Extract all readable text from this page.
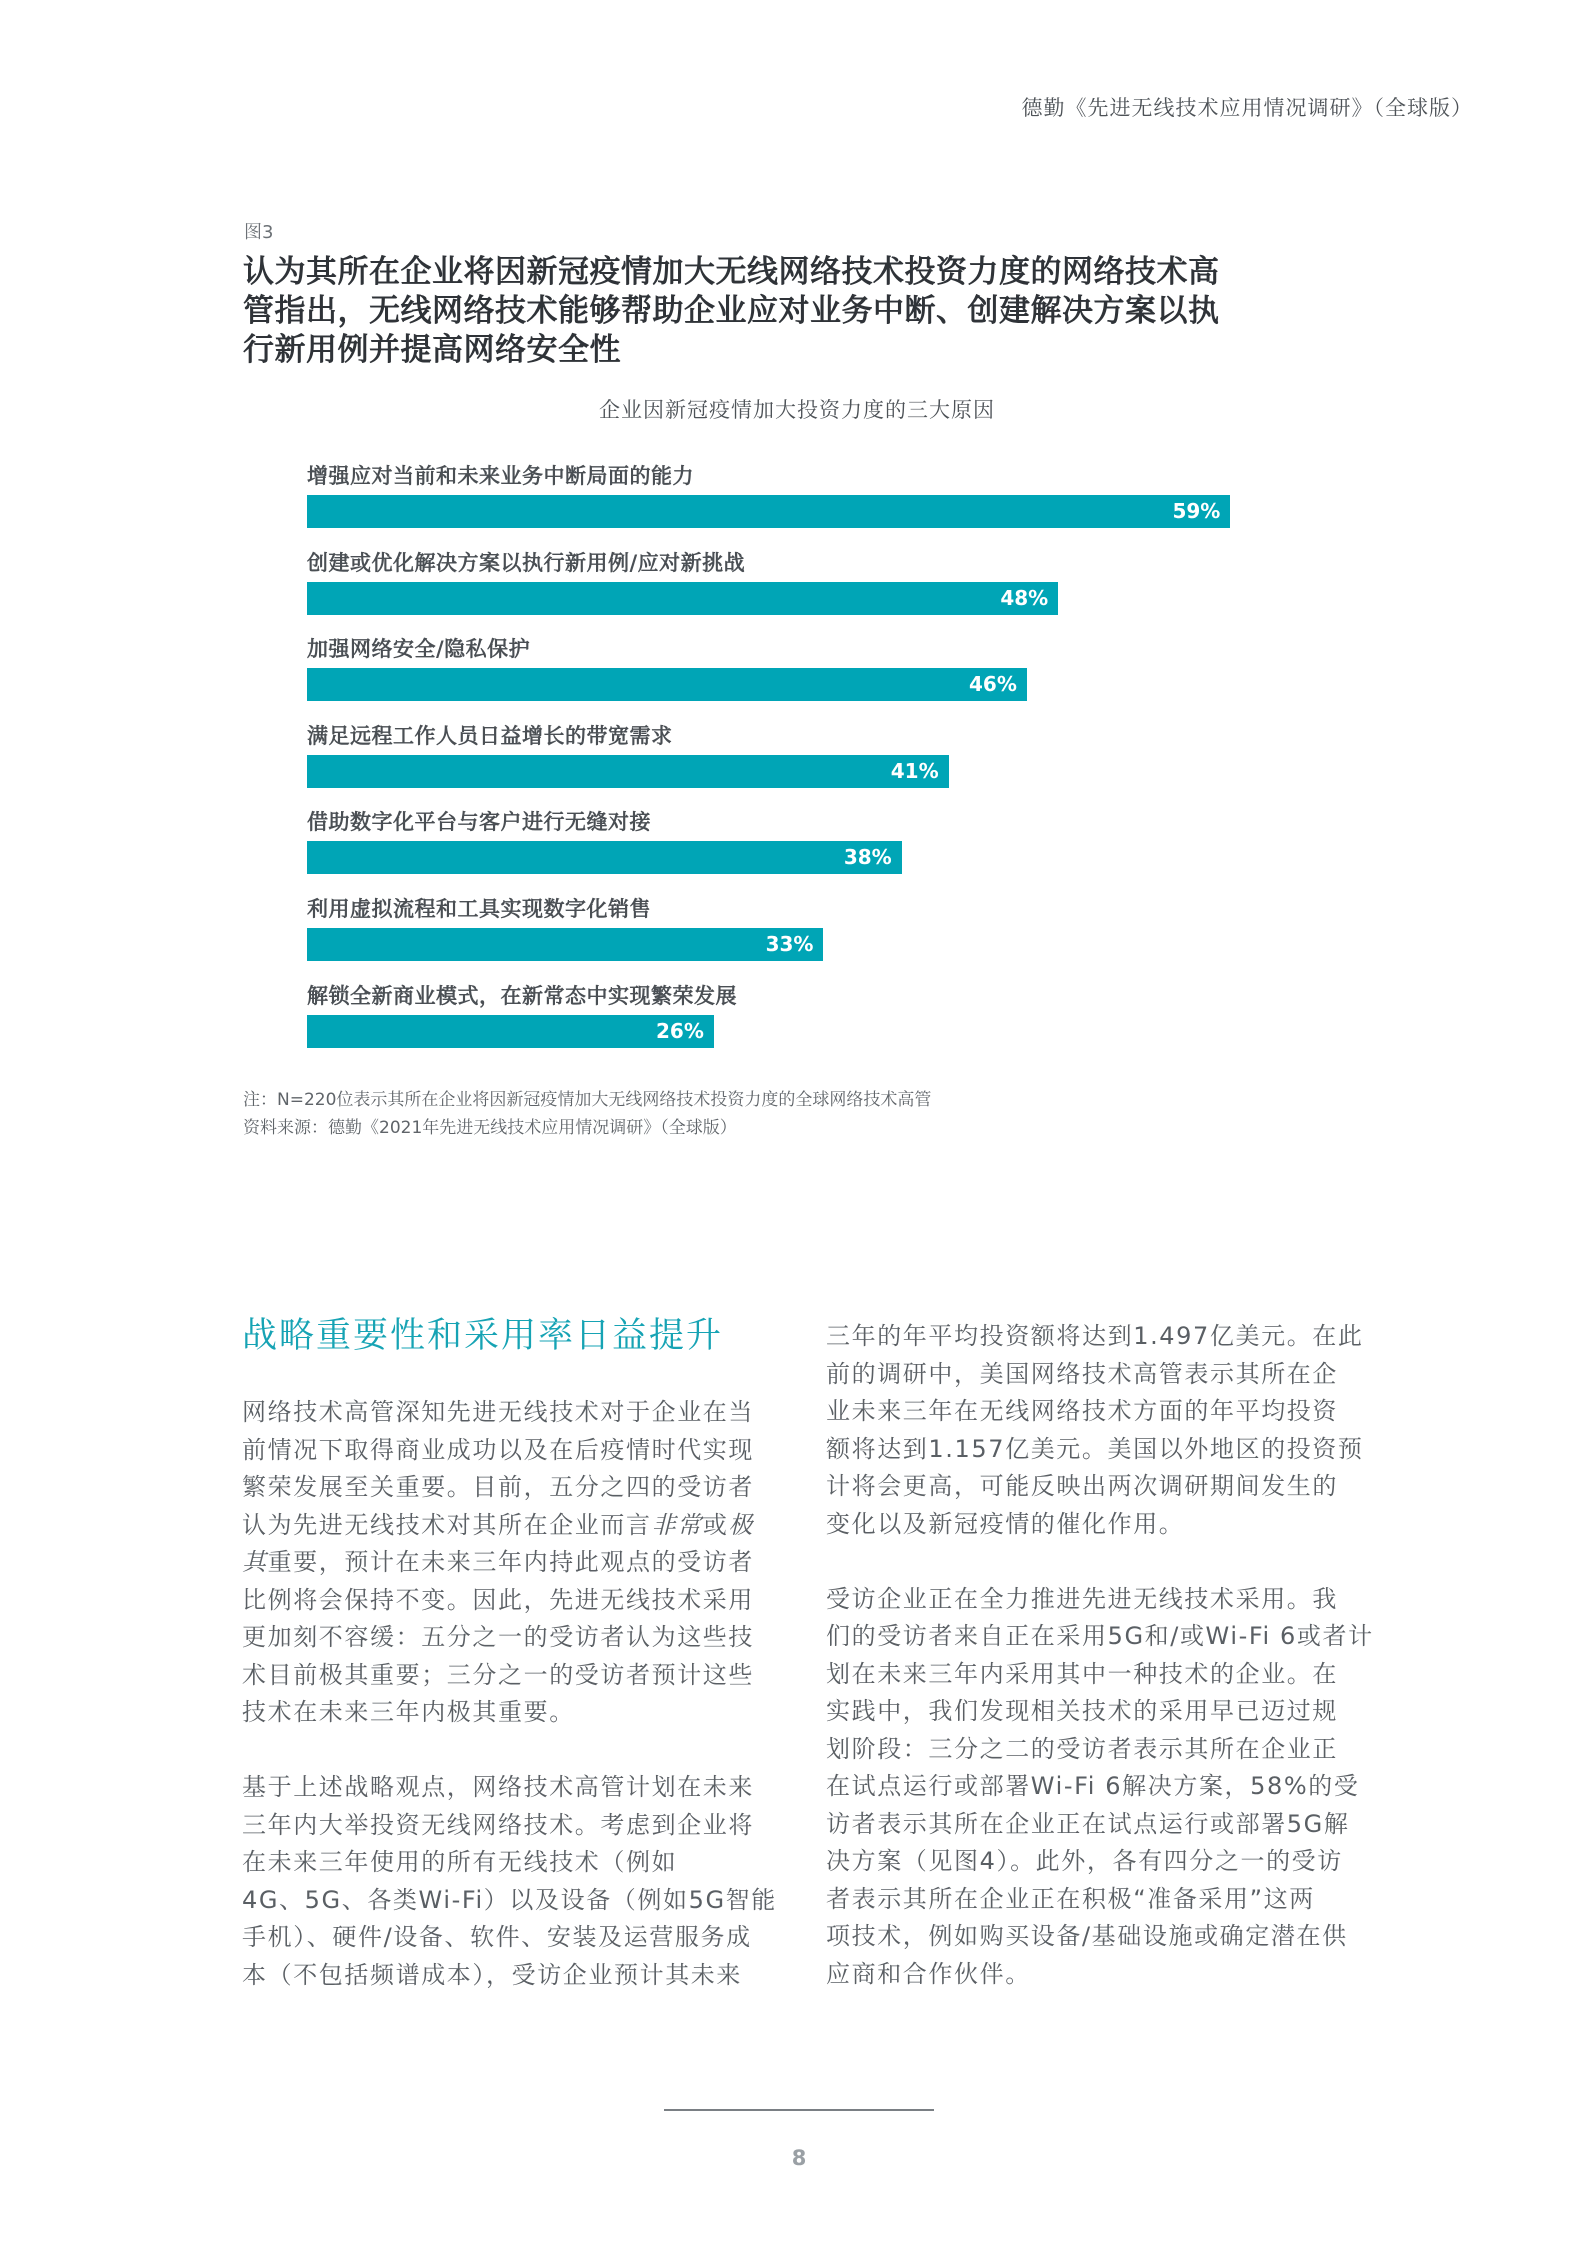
德勤《先进无线技术应用情况调研》（全球版）
图3
认为其所在企业将因新冠疫情加大无线网络技术投资力度的网络技术高
管指出，无线网络技术能够帮助企业应对业务中断、创建解决方案以执
行新用例并提高网络安全性
企业因新冠疫情加大投资力度的三大原因
增强应对当前和未来业务中断局面的能力
59%
创建或优化解决方案以执行新用例/应对新挑战
48%
加强网络安全/隐私保护
46%
满足远程工作人员日益增长的带宽需求
41%
借助数字化平台与客户进行无缝对接
38%
利用虚拟流程和工具实现数字化销售
33%
解锁全新商业模式，在新常态中实现繁荣发展
26%
注：N=220位表示其所在企业将因新冠疫情加大无线网络技术投资力度的全球网络技术高管
资料来源：德勤《2021年先进无线技术应用情况调研》（全球版）
战略重要性和采用率日益提升
网络技术高管深知先进无线技术对于企业在当
前情况下取得商业成功以及在后疫情时代实现
繁荣发展至关重要。目前，五分之四的受访者
认为先进无线技术对其所在企业而言非常或极
其重要，预计在未来三年内持此观点的受访者
比例将会保持不变。因此，先进无线技术采用
更加刻不容缓：五分之一的受访者认为这些技
术目前极其重要；三分之一的受访者预计这些
技术在未来三年内极其重要。
基于上述战略观点，网络技术高管计划在未来
三年内大举投资无线网络技术。考虑到企业将
在未来三年使用的所有无线技术（例如
4G、5G、各类Wi-Fi）以及设备（例如5G智能
手机）、硬件/设备、软件、安装及运营服务成
本（不包括频谱成本），受访企业预计其未来
三年的年平均投资额将达到1.497亿美元。在此
前的调研中，美国网络技术高管表示其所在企
业未来三年在无线网络技术方面的年平均投资
额将达到1.157亿美元。美国以外地区的投资预
计将会更高，可能反映出两次调研期间发生的
变化以及新冠疫情的催化作用。
受访企业正在全力推进先进无线技术采用。我
们的受访者来自正在采用5G和/或Wi-Fi 6或者计
划在未来三年内采用其中一种技术的企业。在
实践中，我们发现相关技术的采用早已迈过规
划阶段：三分之二的受访者表示其所在企业正
在试点运行或部署Wi-Fi 6解决方案，58%的受
访者表示其所在企业正在试点运行或部署5G解
决方案（见图4）。此外，各有四分之一的受访
者表示其所在企业正在积极“准备采用”这两
项技术，例如购买设备/基础设施或确定潜在供
应商和合作伙伴。
8
